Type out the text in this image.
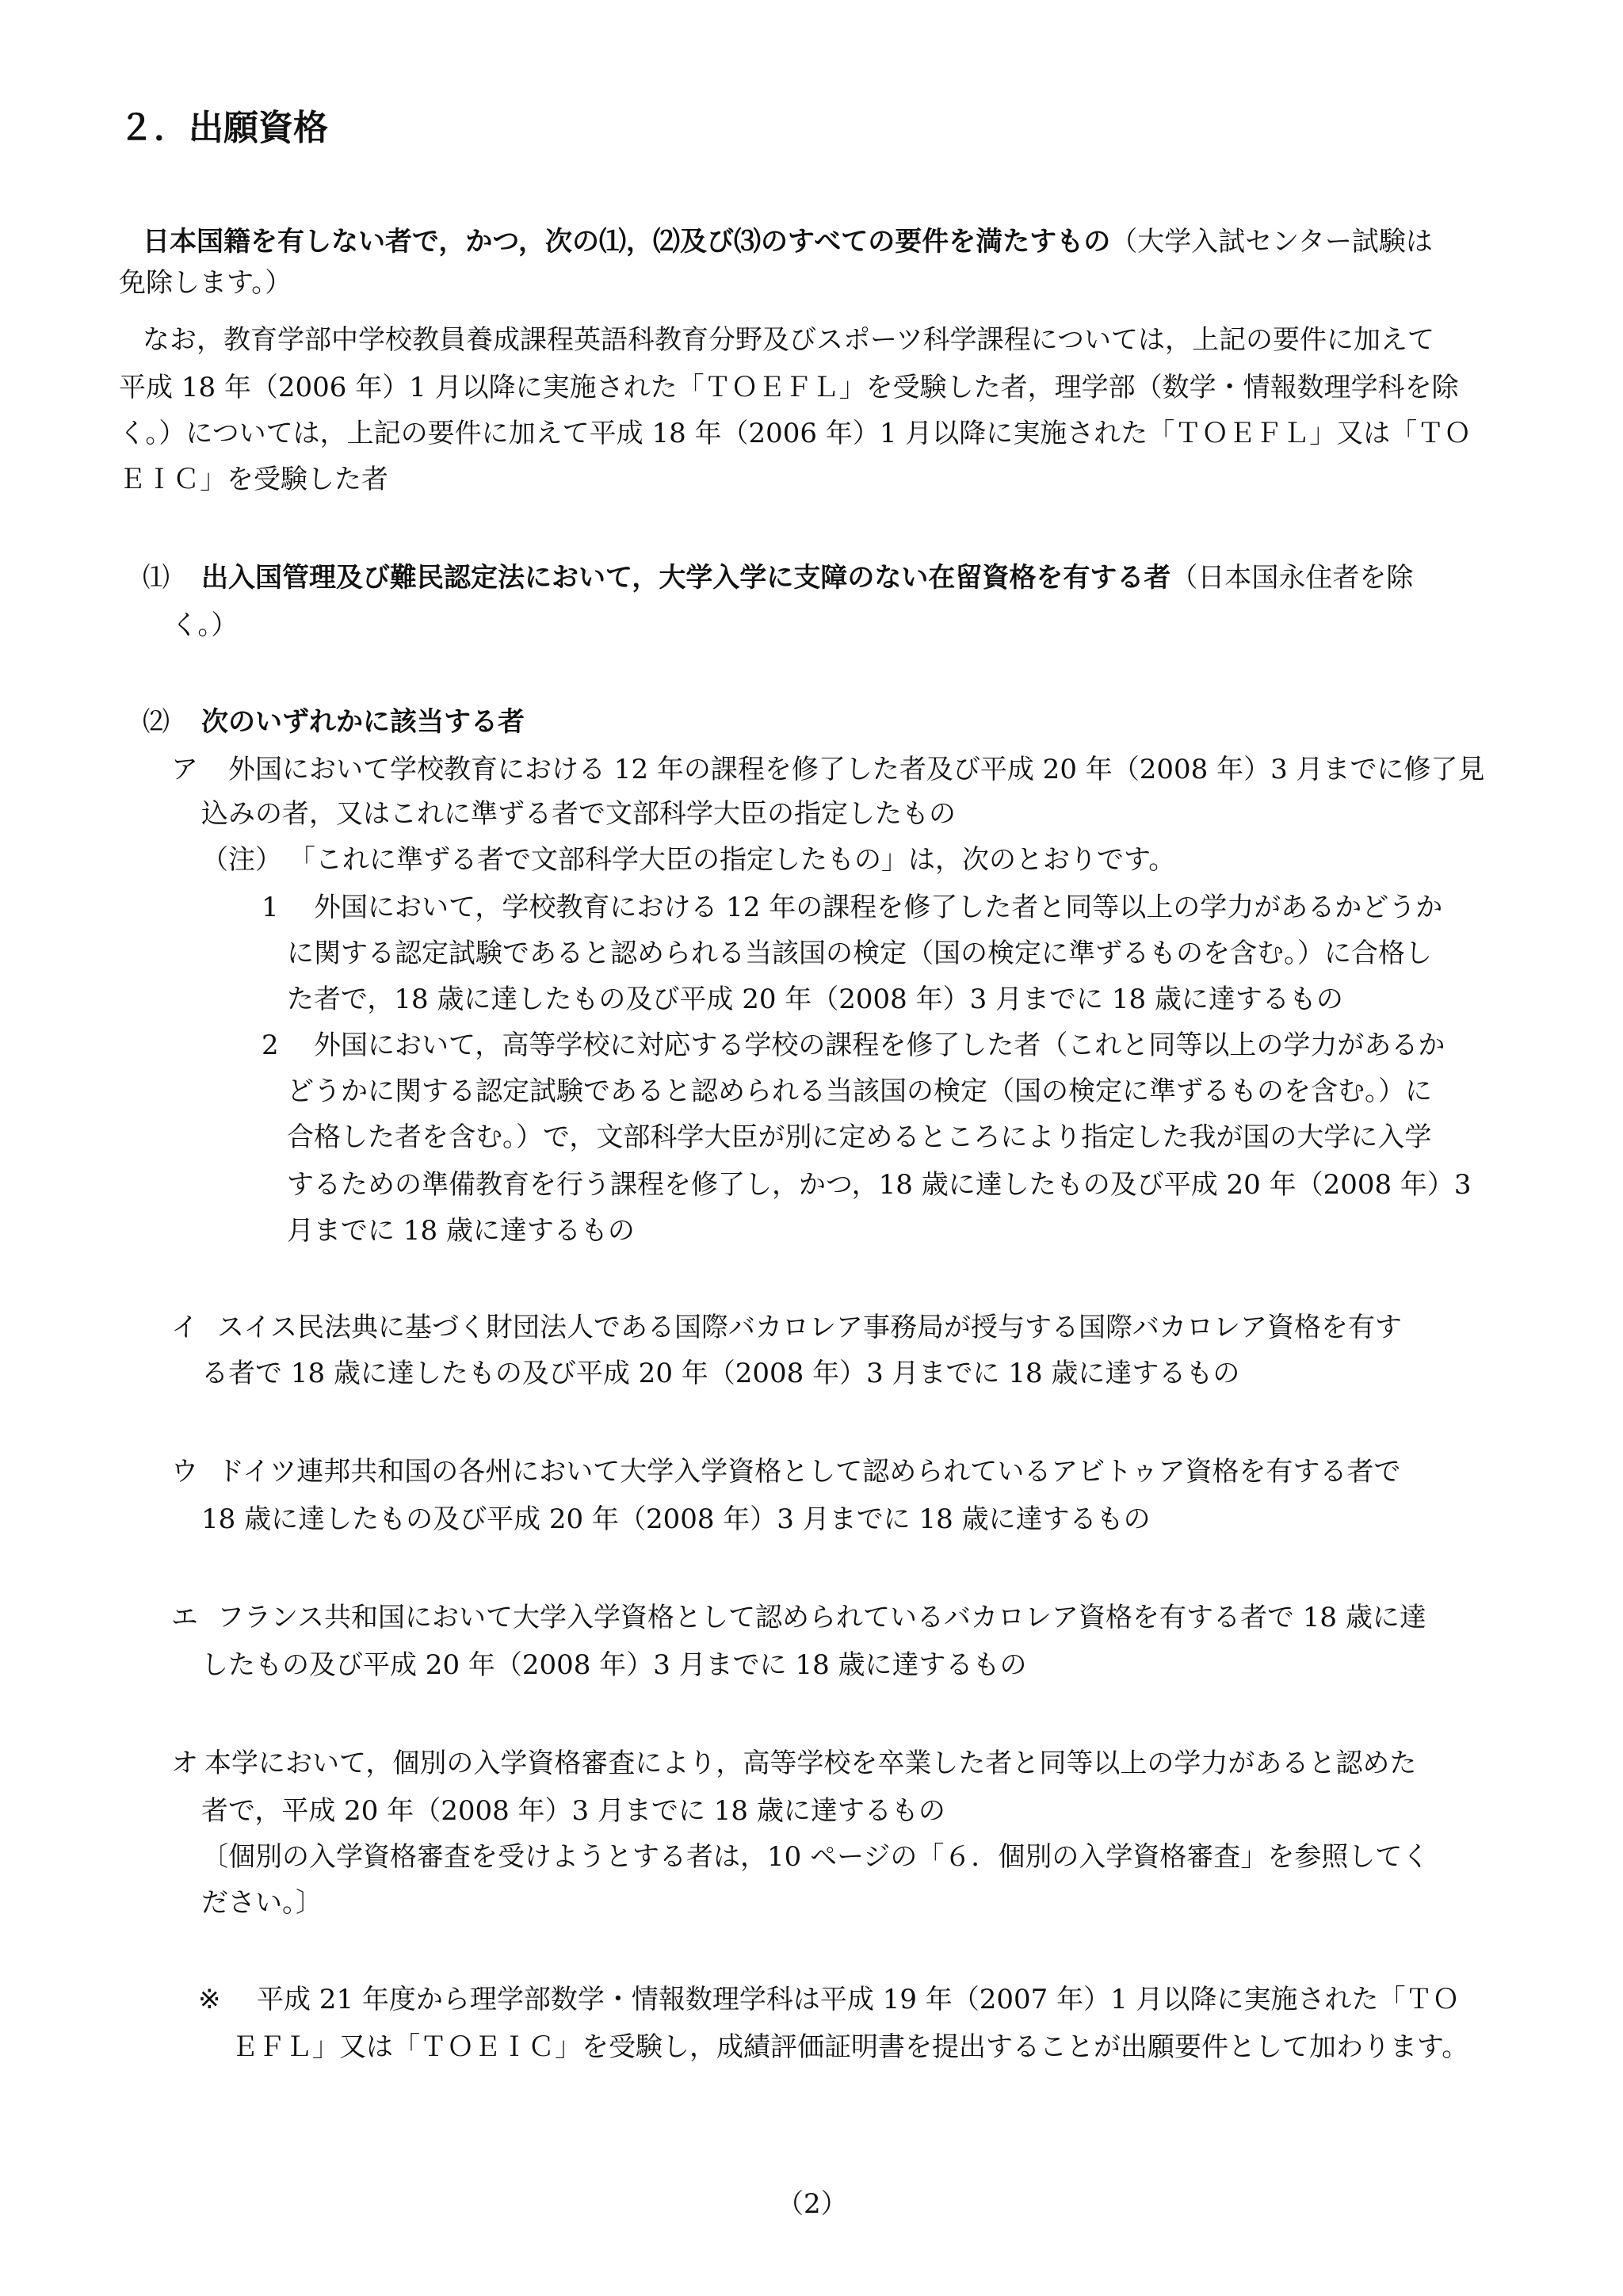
２．出願資格
日本国籍を有しない者で，かつ，次の⑴，⑵及び⑶のすべての要件を満たすもの（大学入試センター試験は
免除します。）
なお，教育学部中学校教員養成課程英語科教育分野及びスポーツ科学課程については，上記の要件に加えて
平成 18 年（2006 年）1 月以降に実施された「ＴＯＥＦＬ」を受験した者，理学部（数学・情報数理学科を除
く。）については，上記の要件に加えて平成 18 年（2006 年）1 月以降に実施された「ＴＯＥＦＬ」又は「ＴＯ
ＥＩＣ」を受験した者
⑴ 出入国管理及び難民認定法において，大学入学に支障のない在留資格を有する者（日本国永住者を除
く。）
⑵ 次のいずれかに該当する者
ア 外国において学校教育における 12 年の課程を修了した者及び平成 20 年（2008 年）3 月までに修了見
込みの者，又はこれに準ずる者で文部科学大臣の指定したもの
（注） 「これに準ずる者で文部科学大臣の指定したもの」は，次のとおりです。
1 外国において，学校教育における 12 年の課程を修了した者と同等以上の学力があるかどうか
に関する認定試験であると認められる当該国の検定（国の検定に準ずるものを含む。）に合格し
た者で，18 歳に達したもの及び平成 20 年（2008 年）3 月までに 18 歳に達するもの
2 外国において，高等学校に対応する学校の課程を修了した者（これと同等以上の学力があるか
どうかに関する認定試験であると認められる当該国の検定（国の検定に準ずるものを含む。）に
合格した者を含む。）で，文部科学大臣が別に定めるところにより指定した我が国の大学に入学
するための準備教育を行う課程を修了し，かつ，18 歳に達したもの及び平成 20 年（2008 年）3
月までに 18 歳に達するもの
イ スイス民法典に基づく財団法人である国際バカロレア事務局が授与する国際バカロレア資格を有す
る者で 18 歳に達したもの及び平成 20 年（2008 年）3 月までに 18 歳に達するもの
ウ ドイツ連邦共和国の各州において大学入学資格として認められているアビトゥア資格を有する者で
18 歳に達したもの及び平成 20 年（2008 年）3 月までに 18 歳に達するもの
エ フランス共和国において大学入学資格として認められているバカロレア資格を有する者で 18 歳に達
したもの及び平成 20 年（2008 年）3 月までに 18 歳に達するもの
オ 本学において，個別の入学資格審査により，高等学校を卒業した者と同等以上の学力があると認めた
者で，平成 20 年（2008 年）3 月までに 18 歳に達するもの
〔個別の入学資格審査を受けようとする者は，10 ページの「６．個別の入学資格審査」を参照してく
ださい。〕
※ 平成 21 年度から理学部数学・情報数理学科は平成 19 年（2007 年）1 月以降に実施された「ＴＯ
ＥＦＬ」又は「ＴＯＥＩＣ」を受験し，成績評価証明書を提出することが出願要件として加わります。
（2）
